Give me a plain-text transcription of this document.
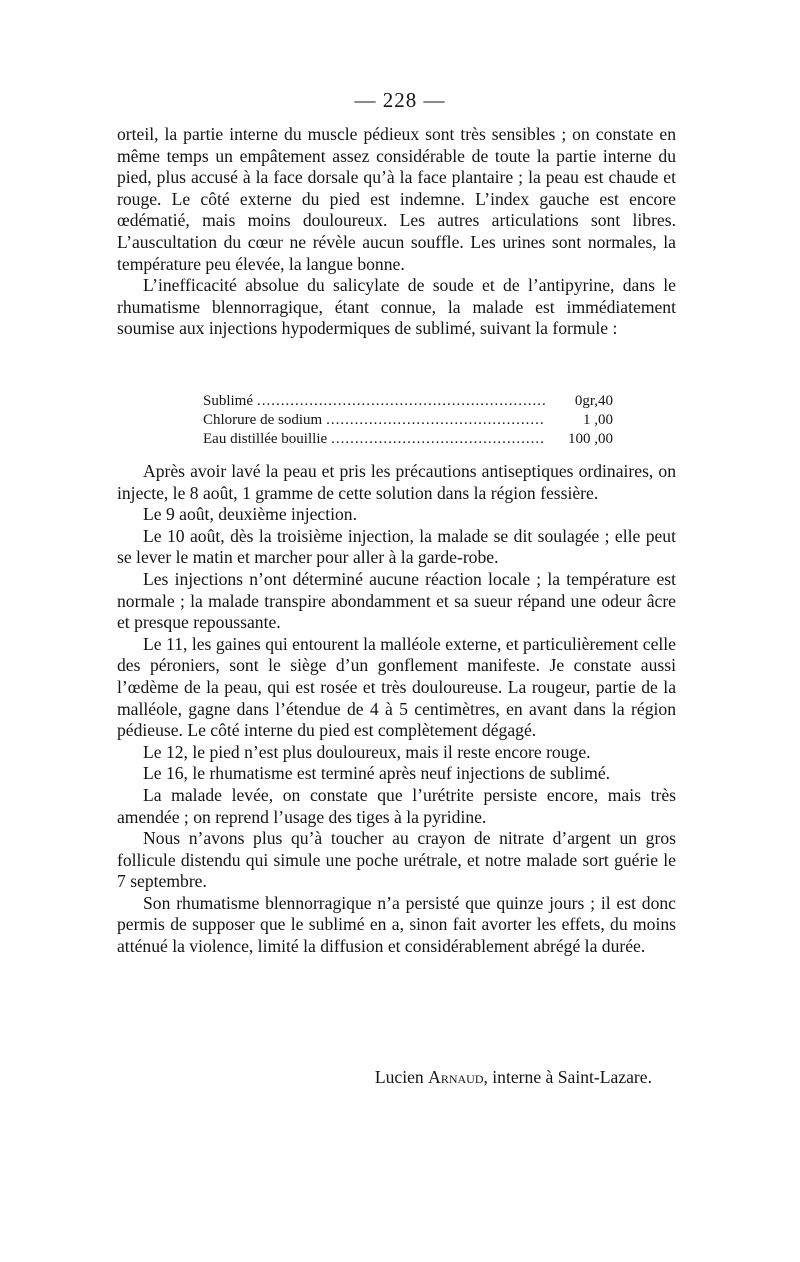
— 228 —

orteil, la partie interne du muscle pédieux sont très sensibles ; on constate en même temps un empâtement assez considérable de toute la partie interne du pied, plus accusé à la face dorsale qu’à la face plantaire ; la peau est chaude et rouge. Le côté externe du pied est indemne. L’index gauche est encore œdématié, mais moins douloureux. Les autres articulations sont libres. L’auscultation du cœur ne révèle aucun souffle. Les urines sont normales, la température peu élevée, la langue bonne.

L’inefficacité absolue du salicylate de soude et de l’antipyrine, dans le rhumatisme blennorragique, étant connue, la malade est immédiatement soumise aux injections hypodermiques de sublimé, suivant la formule :

Sublimé .....	0gr,40
Chlorure de sodium .....	1 ,00
Eau distillée bouillie .....	100 ,00

Après avoir lavé la peau et pris les précautions antiseptiques ordinaires, on injecte, le 8 août, 1 gramme de cette solution dans la région fessière.

Le 9 août, deuxième injection.

Le 10 août, dès la troisième injection, la malade se dit soulagée ; elle peut se lever le matin et marcher pour aller à la garde-robe.

Les injections n’ont déterminé aucune réaction locale ; la température est normale ; la malade transpire abondamment et sa sueur répand une odeur âcre et presque repoussante.

Le 11, les gaines qui entourent la malléole externe, et particulièrement celle des péroniers, sont le siège d’un gonflement manifeste. Je constate aussi l’œdème de la peau, qui est rosée et très douloureuse. La rougeur, partie de la malléole, gagne dans l’étendue de 4 à 5 centimètres, en avant dans la région pédieuse. Le côté interne du pied est complètement dégagé.

Le 12, le pied n’est plus douloureux, mais il reste encore rouge.

Le 16, le rhumatisme est terminé après neuf injections de sublimé.

La malade levée, on constate que l’urétrite persiste encore, mais très amendée ; on reprend l’usage des tiges à la pyridine.

Nous n’avons plus qu’à toucher au crayon de nitrate d’argent un gros follicule distendu qui simule une poche urétrale, et notre malade sort guérie le 7 septembre.

Son rhumatisme blennorragique n’a persisté que quinze jours ; il est donc permis de supposer que le sublimé en a, sinon fait avorter les effets, du moins atténué la violence, limité la diffusion et considérablement abrégé la durée.

Lucien Arnaud, interne à Saint-Lazare.
